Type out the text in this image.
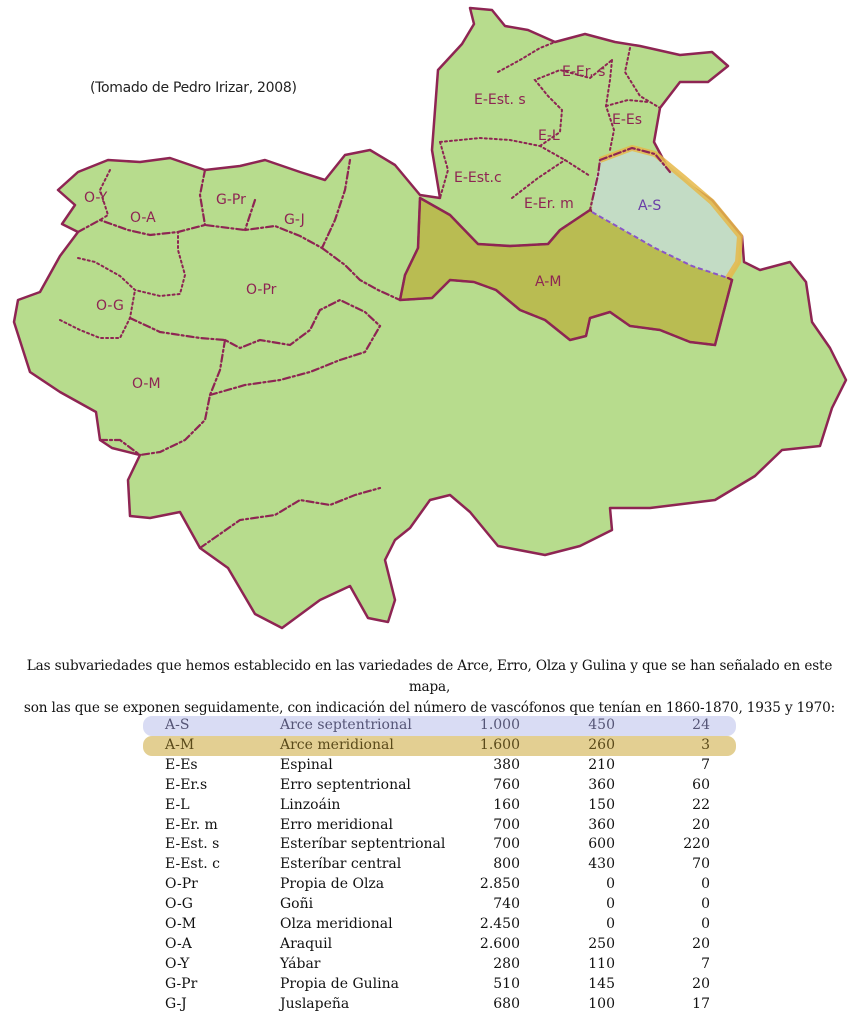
E-Er. s
E-Est. s
E-Es
E-L
E-Est.c
E-Er. m	A-S
A-M
O-Y
O-A
G-Pr
G-J
O-Pr
O-G
O-M
(Tomado de Pedro Irizar, 2008)

Las subvariedades que hemos establecido en las variedades de Arce, Erro, Olza y Gulina y que se han señalado en este mapa,

son las que se exponen seguidamente, con indicación del número de vascófonos que tenían en 1860-1870, 1935 y 1970:

A-S	Arce septentrional	1.000	450	24
A-M	Arce meridional	1.600	260	3
E-Es	Espinal	380	210	7
E-Er.s	Erro septentrional	760	360	60
E-L	Linzoáin	160	150	22
E-Er. m	Erro meridional	700	360	20
E-Est. s	Esteríbar septentrional	700	600	220
E-Est. c	Esteríbar central	800	430	70
O-Pr	Propia de Olza	2.850	0	0
O-G	Goñi	740	0	0
O-M	Olza meridional	2.450	0	0
O-A	Araquil	2.600	250	20
O-Y	Yábar	280	110	7
G-Pr	Propia de Gulina	510	145	20
G-J	Juslapeña	680	100	17
